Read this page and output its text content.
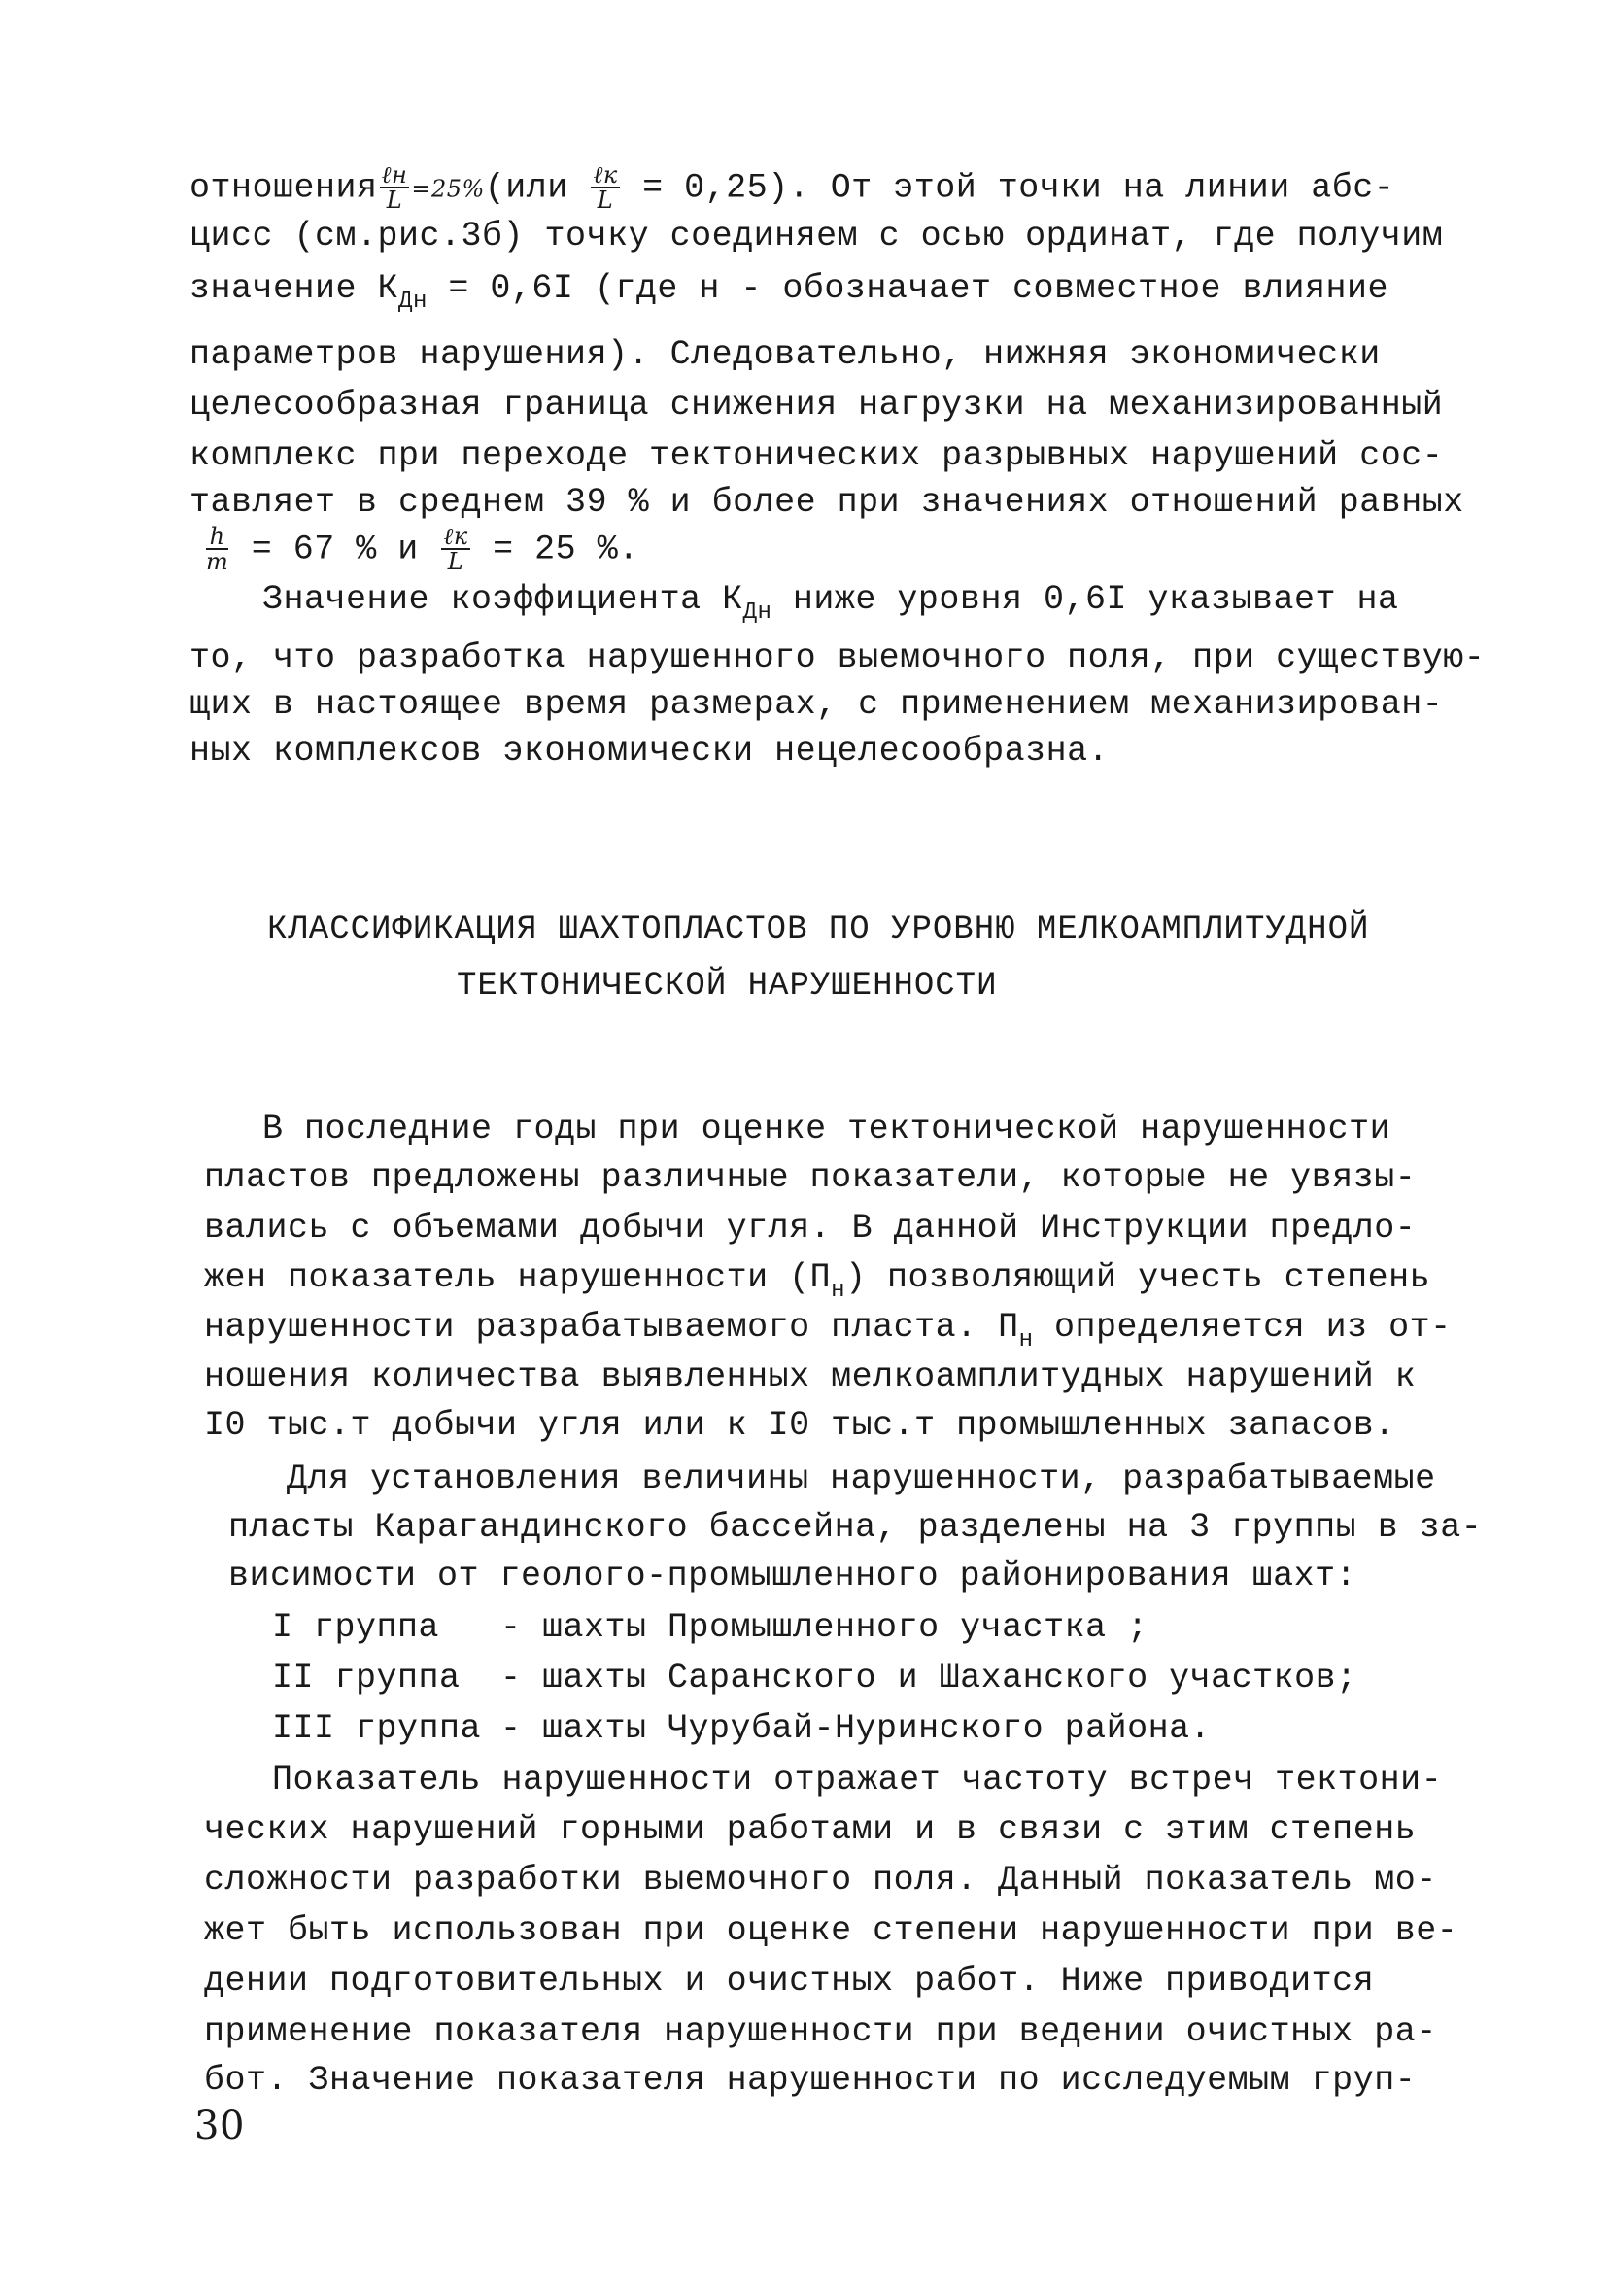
отношения $\frac{\text{ℓн}}{L} =25\%(или \frac{\text{ℓк}}{L} = 0,25)$. От этой точки на линии абс-
цисс (см.рис.3б) точку соединяем с осью ординат, где получим
значение $К_{Дн} = 0,6I$ (где н - обозначает совместное влияние
параметров нарушения). Следовательно, нижняя экономически
целесообразная граница снижения нагрузки на механизированный
комплекс при переходе тектонических разрывных нарушений сос-
тавляет в среднем 39 % и более при значениях отношений равных
$\frac{h}{m} = 67$ % и $\frac{\text{ℓк}}{L} = 25$ %.
Значение коэффициента $К_{Дн}$ ниже уровня 0,6I указывает на
то, что разработка нарушенного выемочного поля, при существую-
щих в настоящее время размерах, с применением механизирован-
ных комплексов экономически нецелесообразна.
КЛАССИФИКАЦИЯ ШАХТОПЛАСТОВ ПО УРОВНЮ МЕЛКОАМПЛИТУДНОЙ
ТЕКТОНИЧЕСКОЙ НАРУШЕННОСТИ
В последние годы при оценке тектонической нарушенности
пластов предложены различные показатели, которые не увязы-
вались с объемами добычи угля. В данной Инструкции предло-
жен показатель нарушенности $(П_н)$ позволяющий учесть степень
нарушенности разрабатываемого пласта. $П_н$ определяется из от-
ношения количества выявленных мелкоамплитудных нарушений к
I0 тыс.т добычи угля или к I0 тыс.т промышленных запасов.
Для установления величины нарушенности, разрабатываемые
пласты Карагандинского бассейна, разделены на 3 группы в за-
висимости от геолого-промышленного районирования шахт:
I группа - шахты Промышленного участка ;
II группа - шахты Саранского и Шаханского участков;
III группа - шахты Чурубай-Нуринского района.
Показатель нарушенности отражает частоту встреч тектони-
ческих нарушений горными работами и в связи с этим степень
сложности разработки выемочного поля. Данный показатель мо-
жет быть использован при оценке степени нарушенности при ве-
дении подготовительных и очистных работ. Ниже приводится
применение показателя нарушенности при ведении очистных ра-
бот. Значение показателя нарушенности по исследуемым груп-
30
